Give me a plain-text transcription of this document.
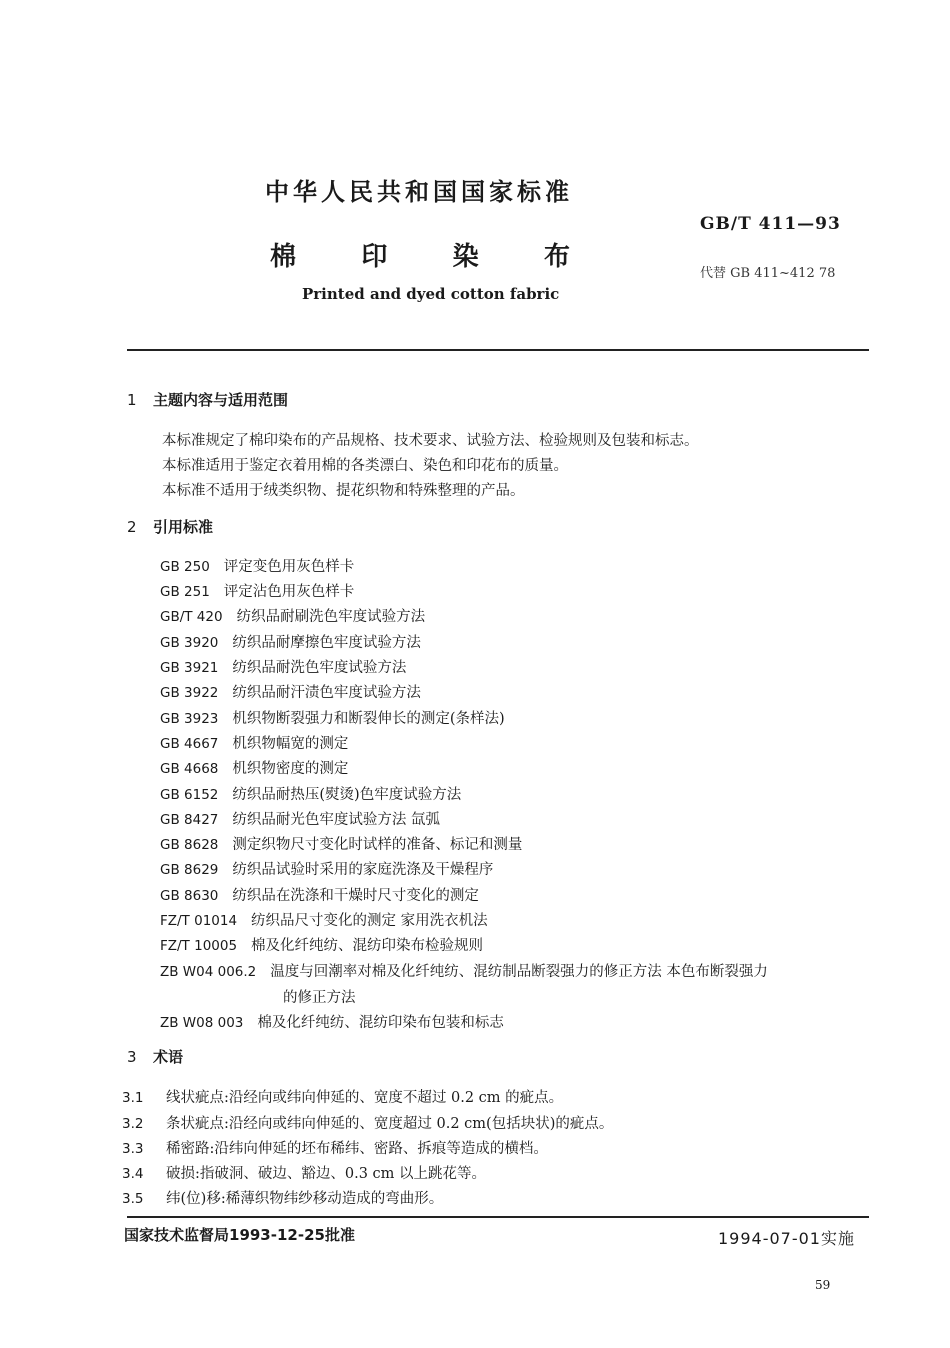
中华人民共和国国家标准
GB/T 411—93
棉	印	染	布
代替 GB 411~412 78
Printed and dyed cotton fabric
1 主题内容与适用范围
本标准规定了棉印染布的产品规格、技术要求、试验方法、检验规则及包装和标志。
本标准适用于鉴定衣着用棉的各类漂白、染色和印花布的质量。
本标准不适用于绒类织物、提花织物和特殊整理的产品。
2 引用标准
GB 250 评定变色用灰色样卡
GB 251 评定沾色用灰色样卡
GB/T 420 纺织品耐刷洗色牢度试验方法
GB 3920 纺织品耐摩擦色牢度试验方法
GB 3921 纺织品耐洗色牢度试验方法
GB 3922 纺织品耐汗渍色牢度试验方法
GB 3923 机织物断裂强力和断裂伸长的测定(条样法)
GB 4667 机织物幅宽的测定
GB 4668 机织物密度的测定
GB 6152 纺织品耐热压(熨烫)色牢度试验方法
GB 8427 纺织品耐光色牢度试验方法 氙弧
GB 8628 测定织物尺寸变化时试样的准备、标记和测量
GB 8629 纺织品试验时采用的家庭洗涤及干燥程序
GB 8630 纺织品在洗涤和干燥时尺寸变化的测定
FZ/T 01014 纺织品尺寸变化的测定 家用洗衣机法
FZ/T 10005 棉及化纤纯纺、混纺印染布检验规则
ZB W04 006.2 温度与回潮率对棉及化纤纯纺、混纺制品断裂强力的修正方法 本色布断裂强力
的修正方法
ZB W08 003 棉及化纤纯纺、混纺印染布包装和标志
3 术语
3.1 线状疵点:沿经向或纬向伸延的、宽度不超过 0.2 cm 的疵点。
3.2 条状疵点:沿经向或纬向伸延的、宽度超过 0.2 cm(包括块状)的疵点。
3.3 稀密路:沿纬向伸延的坯布稀纬、密路、拆痕等造成的横档。
3.4 破损:指破洞、破边、豁边、0.3 cm 以上跳花等。
3.5 纬(位)移:稀薄织物纬纱移动造成的弯曲形。
国家技术监督局1993-12-25批准	1994-07-01实施
59
